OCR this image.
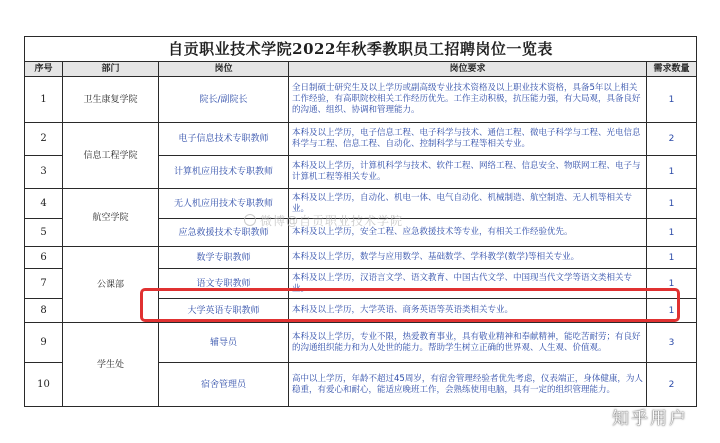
自贡职业技术学院2022年秋季教职员工招聘岗位一览表				
序号	部门	岗位	岗位要求	需求数量
1	卫生康复学院	院长/副院长	全日制硕士研究生及以上学历或副高级专业技术资格及以上职业技术资格，具备5年以上相关工作经验，有高职院校相关工作经历优先。工作主动积极，抗压能力强，有大局观，具备良好的沟通、组织、协调和管理能力。	1
2	信息工程学院	电子信息技术专职教师	本科及以上学历，电子信息工程、电子科学与技术、通信工程、微电子科学与工程、光电信息科学与工程、信息工程、自动化、控制科学与工程等相关专业。	2
3		计算机应用技术专职教师	本科及以上学历，计算机科学与技术、软件工程、网络工程、信息安全、物联网工程、电子与计算机工程等相关专业。	1
4	航空学院	无人机应用技术专职教师	本科及以上学历，自动化、机电一体、电气自动化、机械制造、航空制造、无人机等相关专业。	1
5		应急救援技术专职教师	本科及以上学历，安全工程、应急救援技术等专业，有相关工作经验优先。	1
6	公课部	数学专职教师	本科及以上学历，数学与应用数学、基础数学、学科教学(数学)等相关专业。	1
7		语文专职教师	本科及以上学历，汉语言文学、语文教育、中国古代文学、中国现当代文学等语文类相关专业。	1
8		大学英语专职教师	本科及以上学历，大学英语、商务英语等英语类相关专业。	1
9	学生处	辅导员	本科及以上学历，专业不限，热爱教育事业，具有敬业精神和奉献精神，能吃苦耐劳；有良好的沟通组织能力和为人处世的能力。帮助学生树立正确的世界观、人生观、价值观。	3
10		宿舍管理员	高中以上学历，年龄不超过45周岁，有宿舍管理经验者优先考虑，仪表端正，身体健康，为人稳重，有爱心和耐心，能适应晚班工作，会熟练使用电脑，具有一定的组织管理能力。	2
微博@自贡职业技术学院
知乎用户
